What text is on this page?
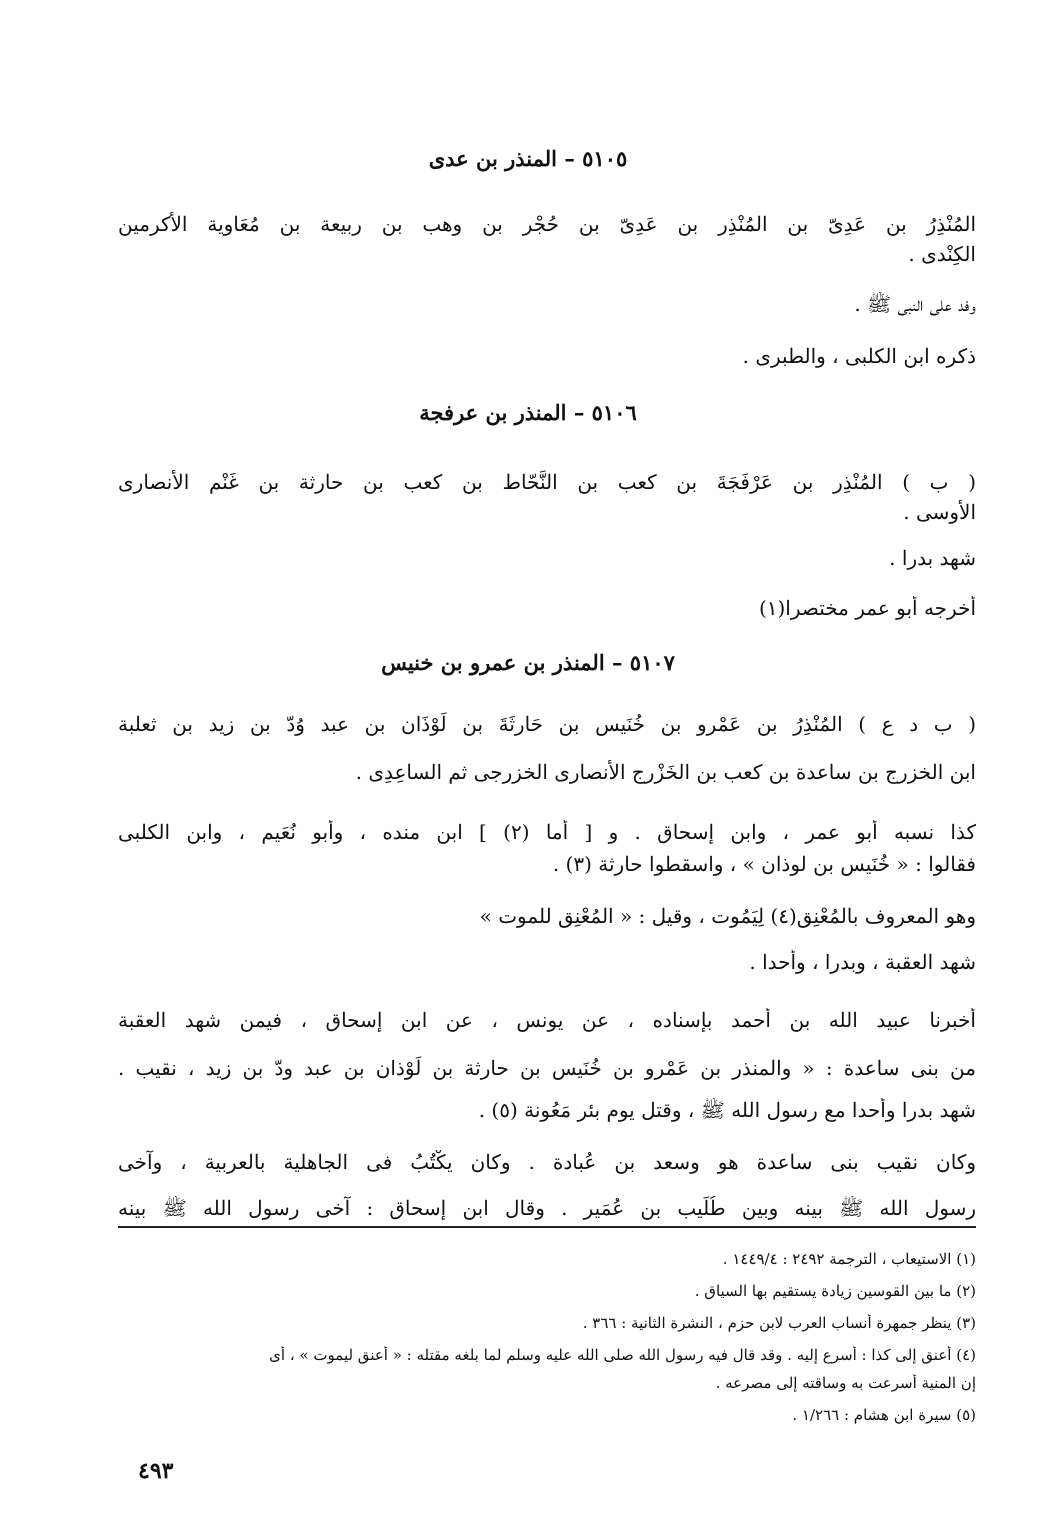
٥١٠٥ – المنذر بن عدى
المُنْذِرُ بن عَدِىّ بن المُنْذِر بن عَدِىّ بن حُجْر بن وهب بن ربيعة بن مُعَاوية الأكرمين
الكِنْدى .
وفد على النبي ﷺ .
ذكره ابن الكلبى ، والطبرى .
٥١٠٦ – المنذر بن عرفجة
( ب ) المُنْذِر بن عَرْفَجَةَ بن كعب بن النَّحّاط بن كعب بن حارثة بن غَنْم الأنصارى
الأوسى .
شهد بدرا .
أخرجه أبو عمر مختصرا(١)
٥١٠٧ – المنذر بن عمرو بن خنيس
( ب د ع ) المُنْذِرُ بن عَمْرو بن خُنَيس بن حَارِثَةَ بن لَوْذَان بن عبد وُدّ بن زيد بن ثعلبة
ابن الخزرج بن ساعدة بن كعب بن الخَزْرج الأنصارى الخزرجى ثم الساعِدِى .
كذا نسبه أبو عمر ، وابن إسحاق . و [ أما (٢) ] ابن منده ، وأبو نُعَيم ، وابن الكلبى
فقالوا : « خُنَيس بن لوذان » ، واسقطوا حارثة (٣) .
وهو المعروف بالمُعْنِق(٤) لِيَمُوت ، وقيل : « المُعْنِق للموت »
شهد العقبة ، وبدرا ، وأحدا .
أخبرنا عبيد الله بن أحمد بإسناده ، عن يونس ، عن ابن إسحاق ، فيمن شهد العقبة
من بنى ساعدة : « والمنذر بن عَمْرو بن خُنَيس بن حارثة بن لَوْذان بن عبد ودّ بن زيد ، نقيب .
شهد بدرا وأحدا مع رسول الله ﷺ ، وقتل يوم بئر مَعُونة (٥) .
وكان نقيب بنى ساعدة هو وسعد بن عُبادة . وكان يكْتُبُ فى الجاهلية بالعربية ، وآخى
رسول الله ﷺ بينه وبين طُلَيب بن عُمَير . وقال ابن إسحاق : آخى رسول الله ﷺ بينه
(١) الاستيعاب ، الترجمة ٢٤٩٢ : ١٤٤٩/٤ .
(٢) ما بين القوسين زيادة يستقيم بها السياق .
(٣) ينظر جمهرة أنساب العرب لابن حزم ، النشرة الثانية : ٣٦٦ .
(٤) أعنق إلى كذا : أسرع إليه . وقد قال فيه رسول الله صلى الله عليه وسلم لما بلغه مقتله : « أعنق ليموت » ، أى
إن المنية أسرعت به وساقته إلى مصرعه .
(٥) سيرة ابن هشام : ١/٢٦٦ .
٤٩٣
